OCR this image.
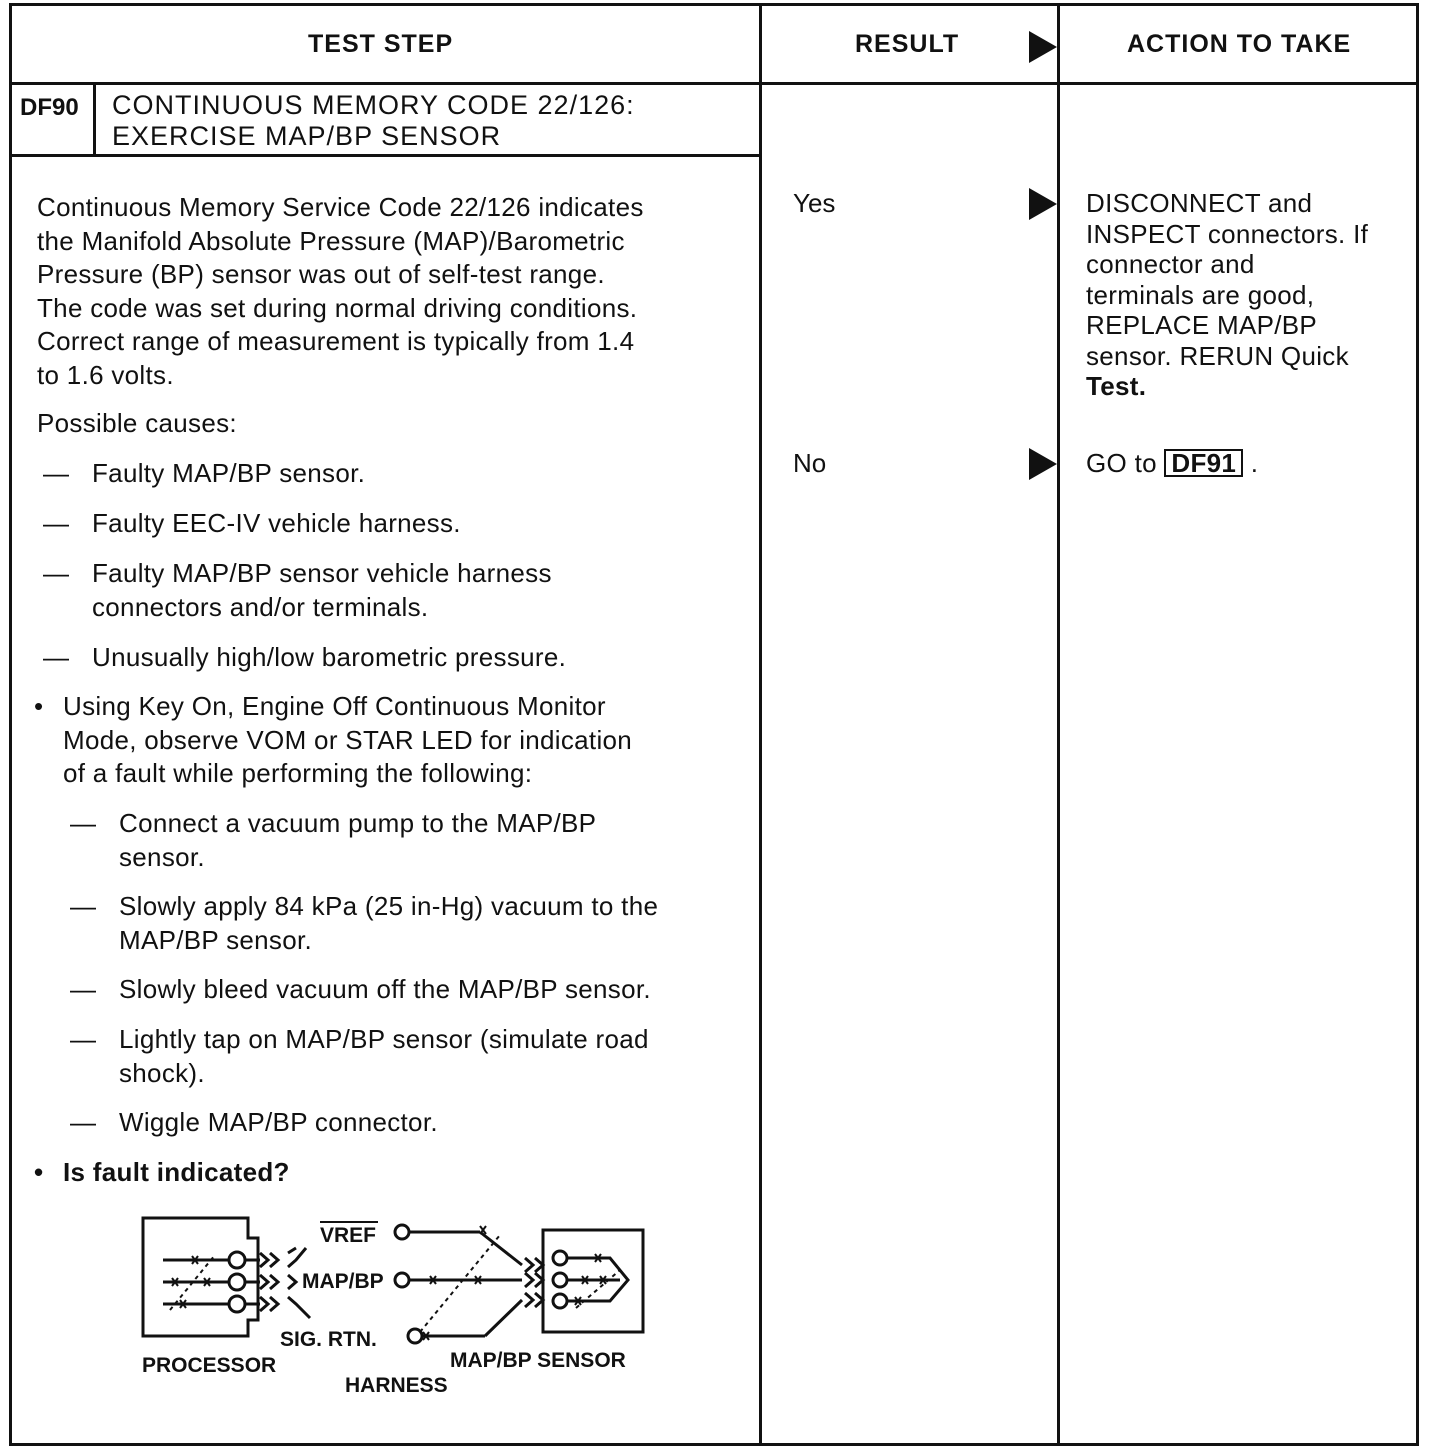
TEST STEP	RESULT	ACTION TO TAKE
DF90 CONTINUOUS MEMORY CODE 22/126:
EXERCISE MAP/BP SENSOR
Continuous Memory Service Code 22/126 indicates
the Manifold Absolute Pressure (MAP)/Barometric
Pressure (BP) sensor was out of self-test range.
The code was set during normal driving conditions.
Correct range of measurement is typically from 1.4
to 1.6 volts.
Possible causes:
— Faulty MAP/BP sensor.
— Faulty EEC-IV vehicle harness.
— Faulty MAP/BP sensor vehicle harness
connectors and/or terminals.
— Unusually high/low barometric pressure.
• Using Key On, Engine Off Continuous Monitor
Mode, observe VOM or STAR LED for indication
of a fault while performing the following:
— Connect a vacuum pump to the MAP/BP
sensor.
— Slowly apply 84 kPa (25 in-Hg) vacuum to the
MAP/BP sensor.
— Slowly bleed vacuum off the MAP/BP sensor.
— Lightly tap on MAP/BP sensor (simulate road
shock).
— Wiggle MAP/BP connector.
• Is fault indicated?
VREF
MAP/BP
SIG. RTN.
PROCESSOR
HARNESS
MAP/BP SENSOR
Yes
No
DISCONNECT and
INSPECT connectors. If
connector and
terminals are good,
REPLACE MAP/BP
sensor. RERUN Quick
Test.
GO to DF91 .
